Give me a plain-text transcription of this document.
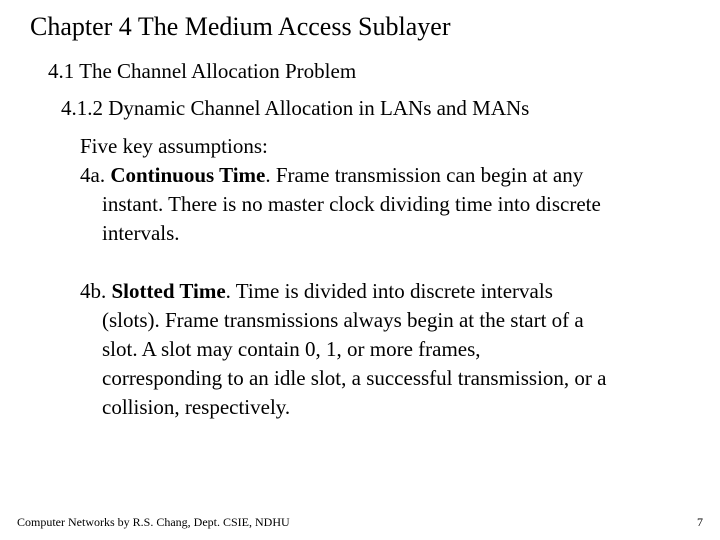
Chapter 4 The Medium Access Sublayer
4.1 The Channel Allocation Problem
4.1.2 Dynamic Channel Allocation in LANs and MANs
Five key assumptions:
4a. Continuous Time. Frame transmission can begin at any
instant. There is no master clock dividing time into discrete
intervals.
4b. Slotted Time. Time is divided into discrete intervals
(slots). Frame transmissions always begin at the start of a
slot. A slot may contain 0, 1, or more frames,
corresponding to an idle slot, a successful transmission, or a
collision, respectively.
Computer Networks by R.S. Chang, Dept. CSIE, NDHU	7
